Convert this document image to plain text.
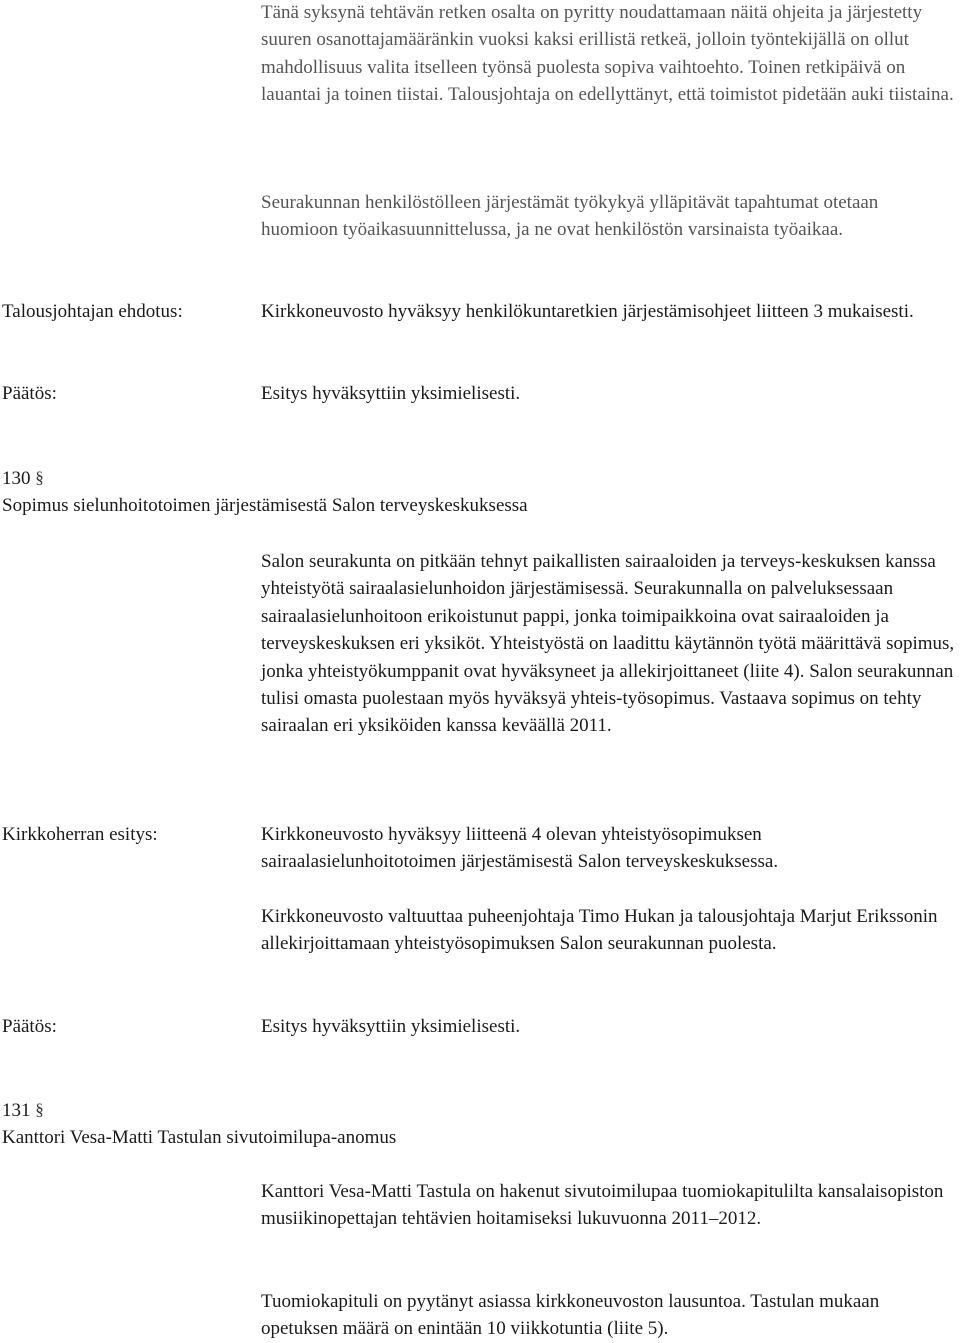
Tänä syksynä tehtävän retken osalta on pyritty noudattamaan näitä ohjeita ja järjestetty suuren osanottajamääränkin vuoksi kaksi erillistä retkeä, jolloin työntekijällä on ollut mahdollisuus valita itselleen työnsä puolesta sopiva vaihtoehto. Toinen retkipäivä on lauantai ja toinen tiistai. Talousjohtaja on edellyttänyt, että toimistot pidetään auki tiistaina.

Seurakunnan henkilöstölleen järjestämät työkykyä ylläpitävät tapahtumat otetaan huomioon työaikasuunnittelussa, ja ne ovat henkilöstön varsinaista työaikaa.

Talousjohtajan ehdotus:	Kirkkoneuvosto hyväksyy henkilökuntaretkien järjestämisohjeet liitteen 3 mukaisesti.

Päätös:	Esitys hyväksyttiin yksimielisesti.

130 §
Sopimus sielunhoitotoimen järjestämisestä Salon terveyskeskuksessa

Salon seurakunta on pitkään tehnyt paikallisten sairaaloiden ja terveys-keskuksen kanssa yhteistyötä sairaalasielunhoidon järjestämisessä. Seurakunnalla on palveluksessaan sairaalasielunhoitoon erikoistunut pappi, jonka toimipaikkoina ovat sairaaloiden ja terveyskeskuksen eri yksiköt. Yhteistyöstä on laadittu käytännön työtä määrittävä sopimus, jonka yhteistyökumppanit ovat hyväksyneet ja allekirjoittaneet (liite 4). Salon seurakunnan tulisi omasta puolestaan myös hyväksyä yhteis-työsopimus. Vastaava sopimus on tehty sairaalan eri yksiköiden kanssa keväällä 2011.

Kirkkoherran esitys:	Kirkkoneuvosto hyväksyy liitteenä 4 olevan yhteistyösopimuksen sairaalasielunhoitotoimen järjestämisestä Salon terveyskeskuksessa.

Kirkkoneuvosto valtuuttaa puheenjohtaja Timo Hukan ja talousjohtaja Marjut Erikssonin allekirjoittamaan yhteistyösopimuksen Salon seurakunnan puolesta.

Päätös:	Esitys hyväksyttiin yksimielisesti.

131 §
Kanttori Vesa-Matti Tastulan sivutoimilupa-anomus

Kanttori Vesa-Matti Tastula on hakenut sivutoimilupaa tuomiokapitulilta kansalaisopiston musiikinopettajan tehtävien hoitamiseksi lukuvuonna 2011–2012.

Tuomiokapituli on pyytänyt asiassa kirkkoneuvoston lausuntoa. Tastulan mukaan opetuksen määrä on enintään 10 viikkotuntia (liite 5).
